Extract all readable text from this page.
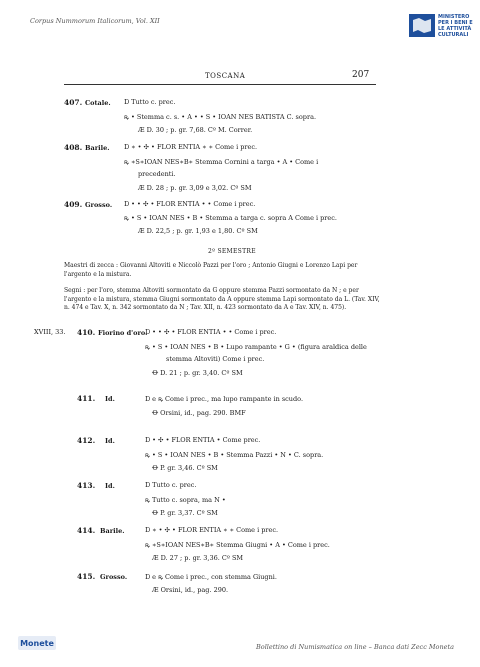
Corpus Nummorum Italicorum, Vol. XII	MINISTERO
PER I BENI E
LE ATTIVITÀ
CULTURALI
TOSCANA	207
407. Cotale. Ɒ Tutto c. prec.
ꝶ • Stemma c. s. • A • • S • IOAN NES BATISTA C. sopra.
Æ D. 30 ; p. gr. 7,68. Cº M. Correr.
408. Barile. Ɒ ∗ • ✣ • FLOR ENTIA ∗ ∗ Come i prec.
ꝶ ∗S∗IOAN NES∗B∗ Stemma Cornini a targa • A • Come i
precedenti.
Æ D. 28 ; p. gr. 3,09 e 3,02. Cº SM
409. Grosso. Ɒ • • ✣ • FLOR ENTIA • • Come i prec.
ꝶ • S • IOAN NES • B • Stemma a targa c. sopra A Come i prec.
Æ D. 22,5 ; p. gr. 1,93 e 1,80. Cº SM
2º SEMESTRE
Maestri di zecca : Giovanni Altoviti e Niccolò Pazzi per l'oro ; Antonio Giugni e Lorenzo Lapi per l'argento e la mistura.
Segni : per l'oro, stemma Altoviti sormontato da G oppure stemma Pazzi sormontato da N ; e per l'argento e la mistura, stemma Giugni sormontato da A oppure stemma Lapi sormontato da L. (Tav. XIV, n. 474 e Tav. X, n. 342 sormontato da N ; Tav. XII, n. 423 sormontato da A e Tav. XIV, n. 475).
XVIII, 33. 410. Fiorino d'oro.
Ɒ • • ✣ • FLOR ENTIA • • Come i prec.
ꝶ • S • IOAN NES • B • Lupo rampante • G • (figura araldica delle
stemma Altoviti) Come i prec.
Ꝋ D. 21 ; p. gr. 3,40. Cº SM
411. Id.	Ɒ e ꝶ Come i prec., ma lupo rampante in scudo.
Ꝋ Orsini, id., pag. 290. BMF
412. Id.	Ɒ • ✣ • FLOR ENTIA • Come prec.
ꝶ • S • IOAN NES • B • Stemma Pazzi • N • C. sopra.
Ꝋ P. gr. 3,46. Cº SM
413. Id.	Ɒ Tutto c. prec.
ꝶ Tutto c. sopra, ma N •
Ꝋ P. gr. 3,37. Cº SM
414. Barile.	Ɒ ∗ • ✣ • FLOR ENTIA ∗ ∗ Come i prec.
ꝶ ∗S∗IOAN NES∗B∗ Stemma Giugni • A • Come i prec.
Æ D. 27 ; p. gr. 3,36. Cº SM
415. Grosso.	Ɒ e ꝶ Come i prec., con stemma Giugni.
Æ Orsini, id., pag. 290.
Monete	Bollettino di Numismatica on line – Banca dati Zecc Moneta
